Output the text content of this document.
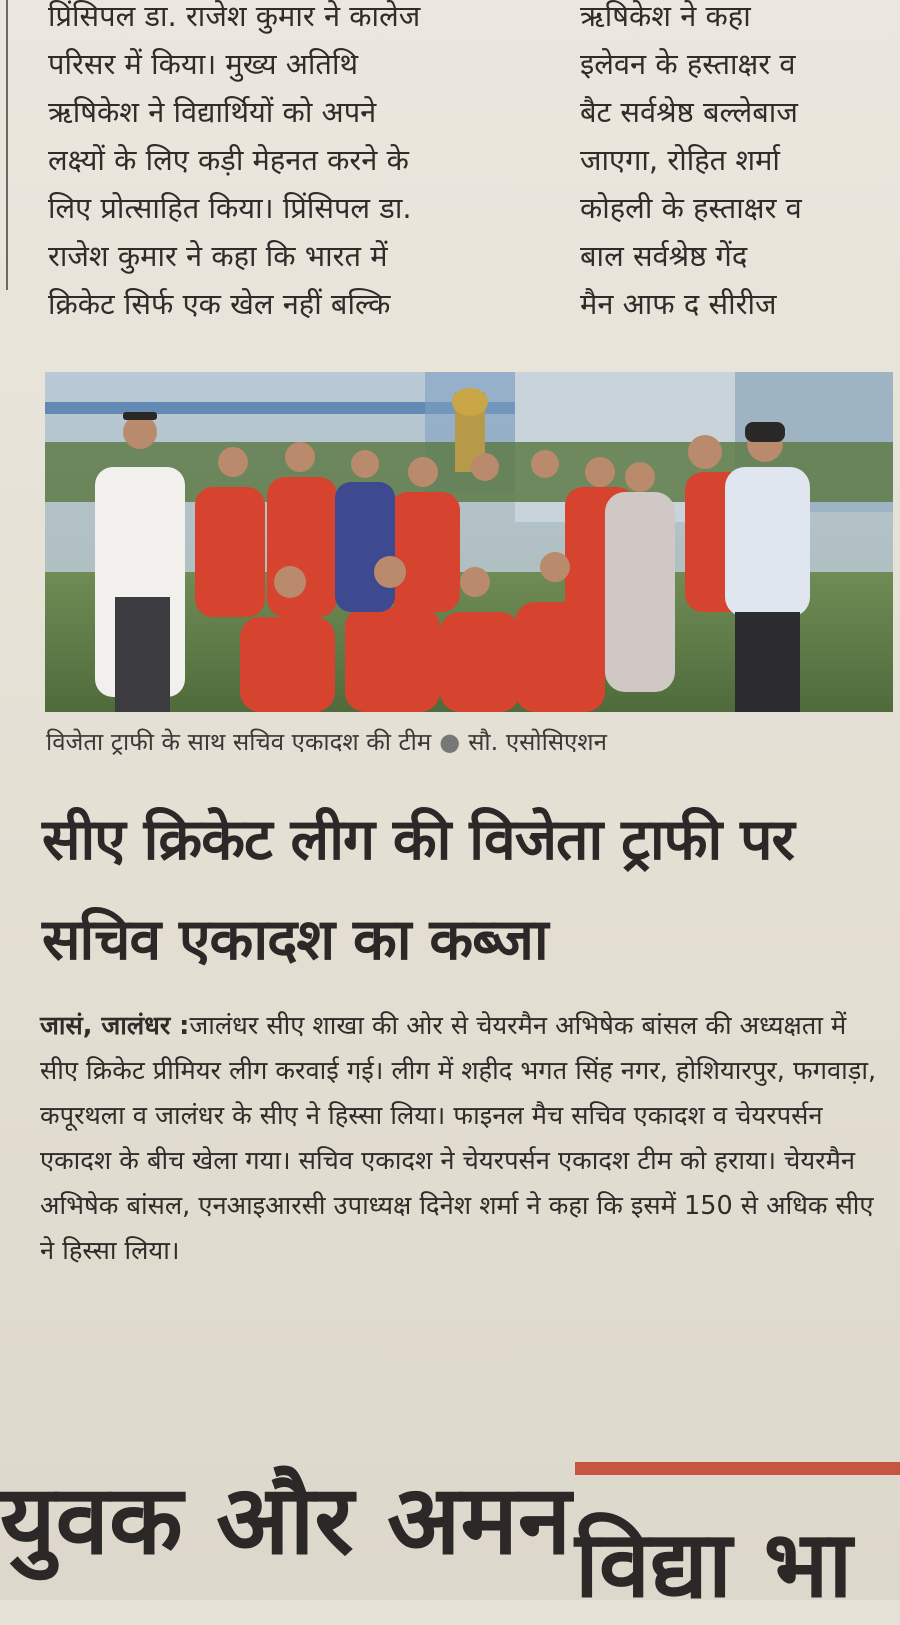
प्रिंसिपल डा. राजेश कुमार ने कालेज
परिसर में किया। मुख्य अतिथि
ऋषिकेश ने विद्यार्थियों को अपने
लक्ष्यों के लिए कड़ी मेहनत करने के
लिए प्रोत्साहित किया। प्रिंसिपल डा.
राजेश कुमार ने कहा कि भारत में
क्रिकेट सिर्फ एक खेल नहीं बल्कि

ऋषिकेश ने कहा
इलेवन के हस्ताक्षर व
बैट सर्वश्रेष्ठ बल्लेबाज
जाएगा, रोहित शर्मा
कोहली के हस्ताक्षर व
बाल सर्वश्रेष्ठ गेंद
मैन आफ द सीरीज

विजेता ट्राफी के साथ सचिव एकादश की टीम ● सौ. एसोसिएशन

सीए क्रिकेट लीग की विजेता ट्राफी पर सचिव एकादश का कब्जा

जासं, जालंधर :जालंधर सीए शाखा की ओर से चेयरमैन अभिषेक बांसल की अध्यक्षता में सीए क्रिकेट प्रीमियर लीग करवाई गई। लीग में शहीद भगत सिंह नगर, होशियारपुर, फगवाड़ा, कपूरथला व जालंधर के सीए ने हिस्सा लिया। फाइनल मैच सचिव एकादश व चेयरपर्सन एकादश के बीच खेला गया। सचिव एकादश ने चेयरपर्सन एकादश टीम को हराया। चेयरमैन अभिषेक बांसल, एनआइआरसी उपाध्यक्ष दिनेश शर्मा ने कहा कि इसमें 150 से अधिक सीए ने हिस्सा लिया।

युवक और अमन विद्या भा
